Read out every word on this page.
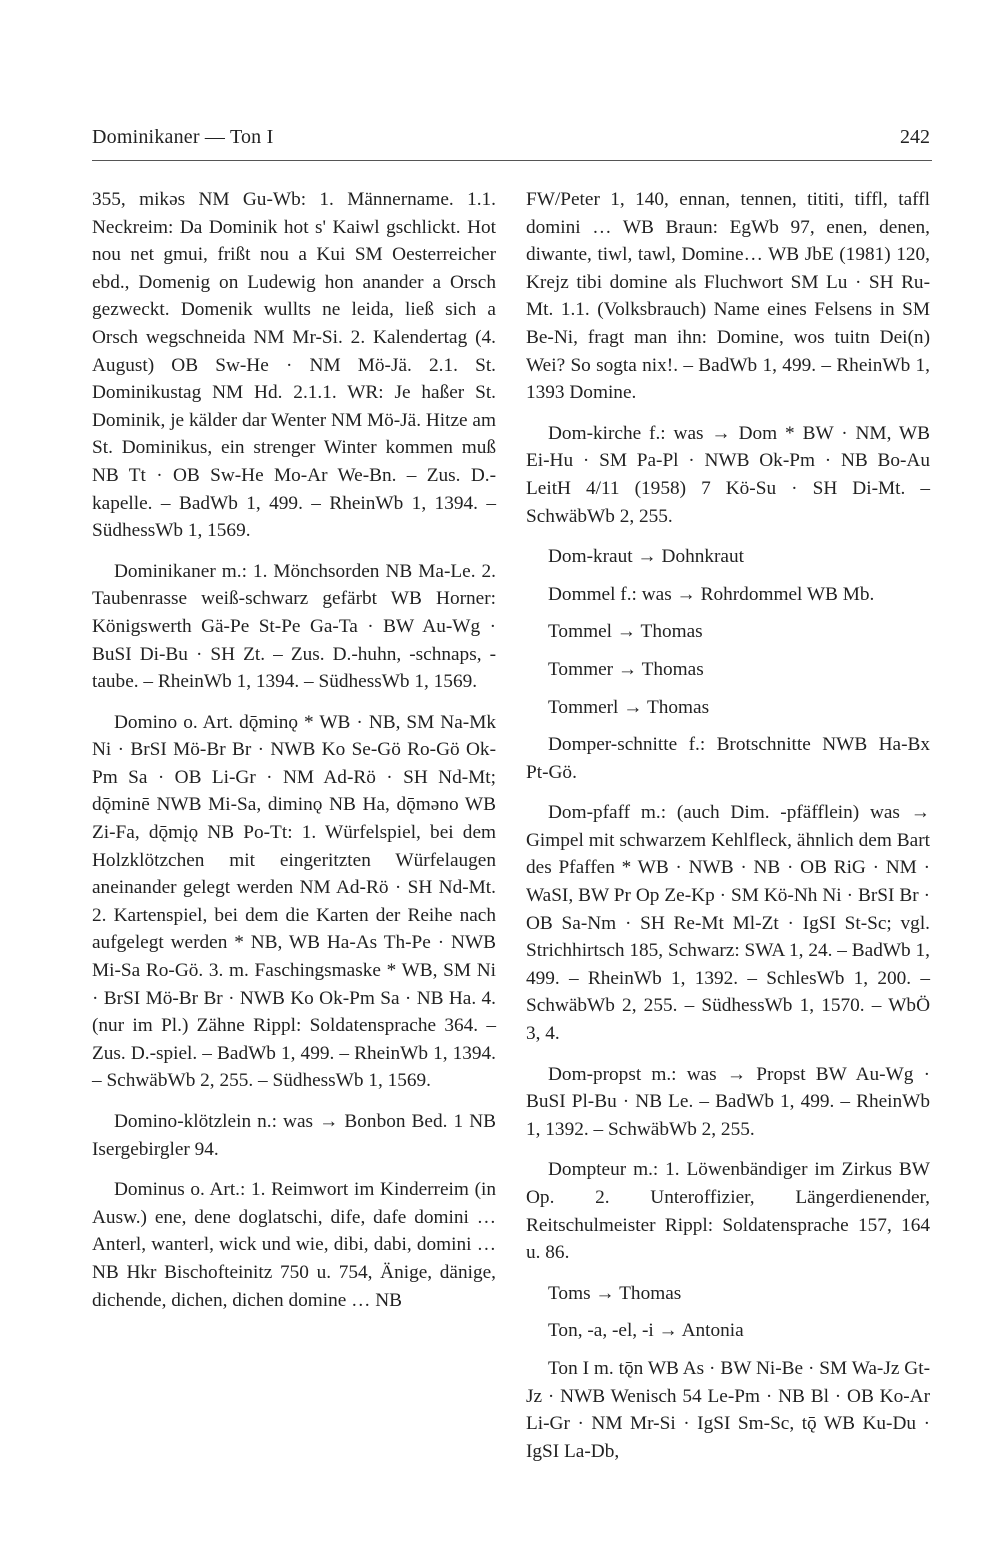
Dominikaner — Ton I	242

355, mikǝs NM Gu-Wb: 1. Männername. 1.1. Neckreim: Da Dominik hot s' Kaiwl gschlickt. Hot nou net gmui, frißt nou a Kui SM Oesterreicher ebd., Domenig on Ludewig hon anander a Orsch gezweckt. Domenik wullts ne leida, ließ sich a Orsch wegschneida NM Mr-Si. 2. Kalendertag (4. August) OB Sw-He · NM Mö-Jä. 2.1. St. Dominikustag NM Hd. 2.1.1. WR: Je haßer St. Dominik, je kälder dar Wenter NM Mö-Jä. Hitze am St. Dominikus, ein strenger Winter kommen muß NB Tt · OB Sw-He Mo-Ar We-Bn. – Zus. D.-kapelle. – BadWb 1, 499. – RheinWb 1, 1394. – SüdhessWb 1, 1569.

Dominikaner m.: 1. Mönchsorden NB Ma-Le. 2. Taubenrasse weiß-schwarz gefärbt WB Horner: Königswerth Gä-Pe St-Pe Ga-Ta · BW Au-Wg · BuSI Di-Bu · SH Zt. – Zus. D.-huhn, -schnaps, -taube. – RheinWb 1, 1394. – SüdhessWb 1, 1569.

Domino o. Art. dǭminǫ * WB · NB, SM Na-Mk Ni · BrSI Mö-Br Br · NWB Ko Se-Gö Ro-Gö Ok-Pm Sa · OB Li-Gr · NM Ad-Rö · SH Nd-Mt; dǭminē NWB Mi-Sa, diminǫ NB Ha, dǭmǝno WB Zi-Fa, dǭmįǫ NB Po-Tt: 1. Würfelspiel, bei dem Holzklötzchen mit eingeritzten Würfelaugen aneinander gelegt werden NM Ad-Rö · SH Nd-Mt. 2. Kartenspiel, bei dem die Karten der Reihe nach aufgelegt werden * NB, WB Ha-As Th-Pe · NWB Mi-Sa Ro-Gö. 3. m. Faschingsmaske * WB, SM Ni · BrSI Mö-Br Br · NWB Ko Ok-Pm Sa · NB Ha. 4. (nur im Pl.) Zähne Rippl: Soldatensprache 364. – Zus. D.-spiel. – BadWb 1, 499. – RheinWb 1, 1394. – SchwäbWb 2, 255. – SüdhessWb 1, 1569.

Domino-klötzlein n.: was → Bonbon Bed. 1 NB Isergebirgler 94.

Dominus o. Art.: 1. Reimwort im Kinderreim (in Ausw.) ene, dene doglatschi, dife, dafe domini … Anterl, wanterl, wick und wie, dibi, dabi, domini … NB Hkr Bischofteinitz 750 u. 754, Änige, dänige, dichende, dichen, dichen domine … NB

FW/Peter 1, 140, ennan, tennen, tititi, tiffl, taffl domini … WB Braun: EgWb 97, enen, denen, diwante, tiwl, tawl, Domine… WB JbE (1981) 120, Krejz tibi domine als Fluchwort SM Lu · SH Ru-Mt. 1.1. (Volksbrauch) Name eines Felsens in SM Be-Ni, fragt man ihn: Domine, wos tuitn Dei(n) Wei? So sogta nix!. – BadWb 1, 499. – RheinWb 1, 1393 Domine.

Dom-kirche f.: was → Dom * BW · NM, WB Ei-Hu · SM Pa-Pl · NWB Ok-Pm · NB Bo-Au LeitH 4/11 (1958) 7 Kö-Su · SH Di-Mt. – SchwäbWb 2, 255.

Dom-kraut → Dohnkraut

Dommel f.: was → Rohrdommel WB Mb.

Tommel → Thomas

Tommer → Thomas

Tommerl → Thomas

Domper-schnitte f.: Brotschnitte NWB Ha-Bx Pt-Gö.

Dom-pfaff m.: (auch Dim. -pfäfflein) was → Gimpel mit schwarzem Kehlfleck, ähnlich dem Bart des Pfaffen * WB · NWB · NB · OB RiG · NM · WaSI, BW Pr Op Ze-Kp · SM Kö-Nh Ni · BrSI Br · OB Sa-Nm · SH Re-Mt Ml-Zt · IgSI St-Sc; vgl. Strichhirtsch 185, Schwarz: SWA 1, 24. – BadWb 1, 499. – RheinWb 1, 1392. – SchlesWb 1, 200. – SchwäbWb 2, 255. – SüdhessWb 1, 1570. – WbÖ 3, 4.

Dom-propst m.: was → Propst BW Au-Wg · BuSI Pl-Bu · NB Le. – BadWb 1, 499. – RheinWb 1, 1392. – SchwäbWb 2, 255.

Dompteur m.: 1. Löwenbändiger im Zirkus BW Op. 2. Unteroffizier, Längerdienender, Reitschulmeister Rippl: Soldatensprache 157, 164 u. 86.

Toms → Thomas

Ton, -a, -el, -i → Antonia

Ton I m. tǭn WB As · BW Ni-Be · SM Wa-Jz Gt-Jz · NWB Wenisch 54 Le-Pm · NB Bl · OB Ko-Ar Li-Gr · NM Mr-Si · IgSI Sm-Sc, tǭ WB Ku-Du · IgSI La-Db,
